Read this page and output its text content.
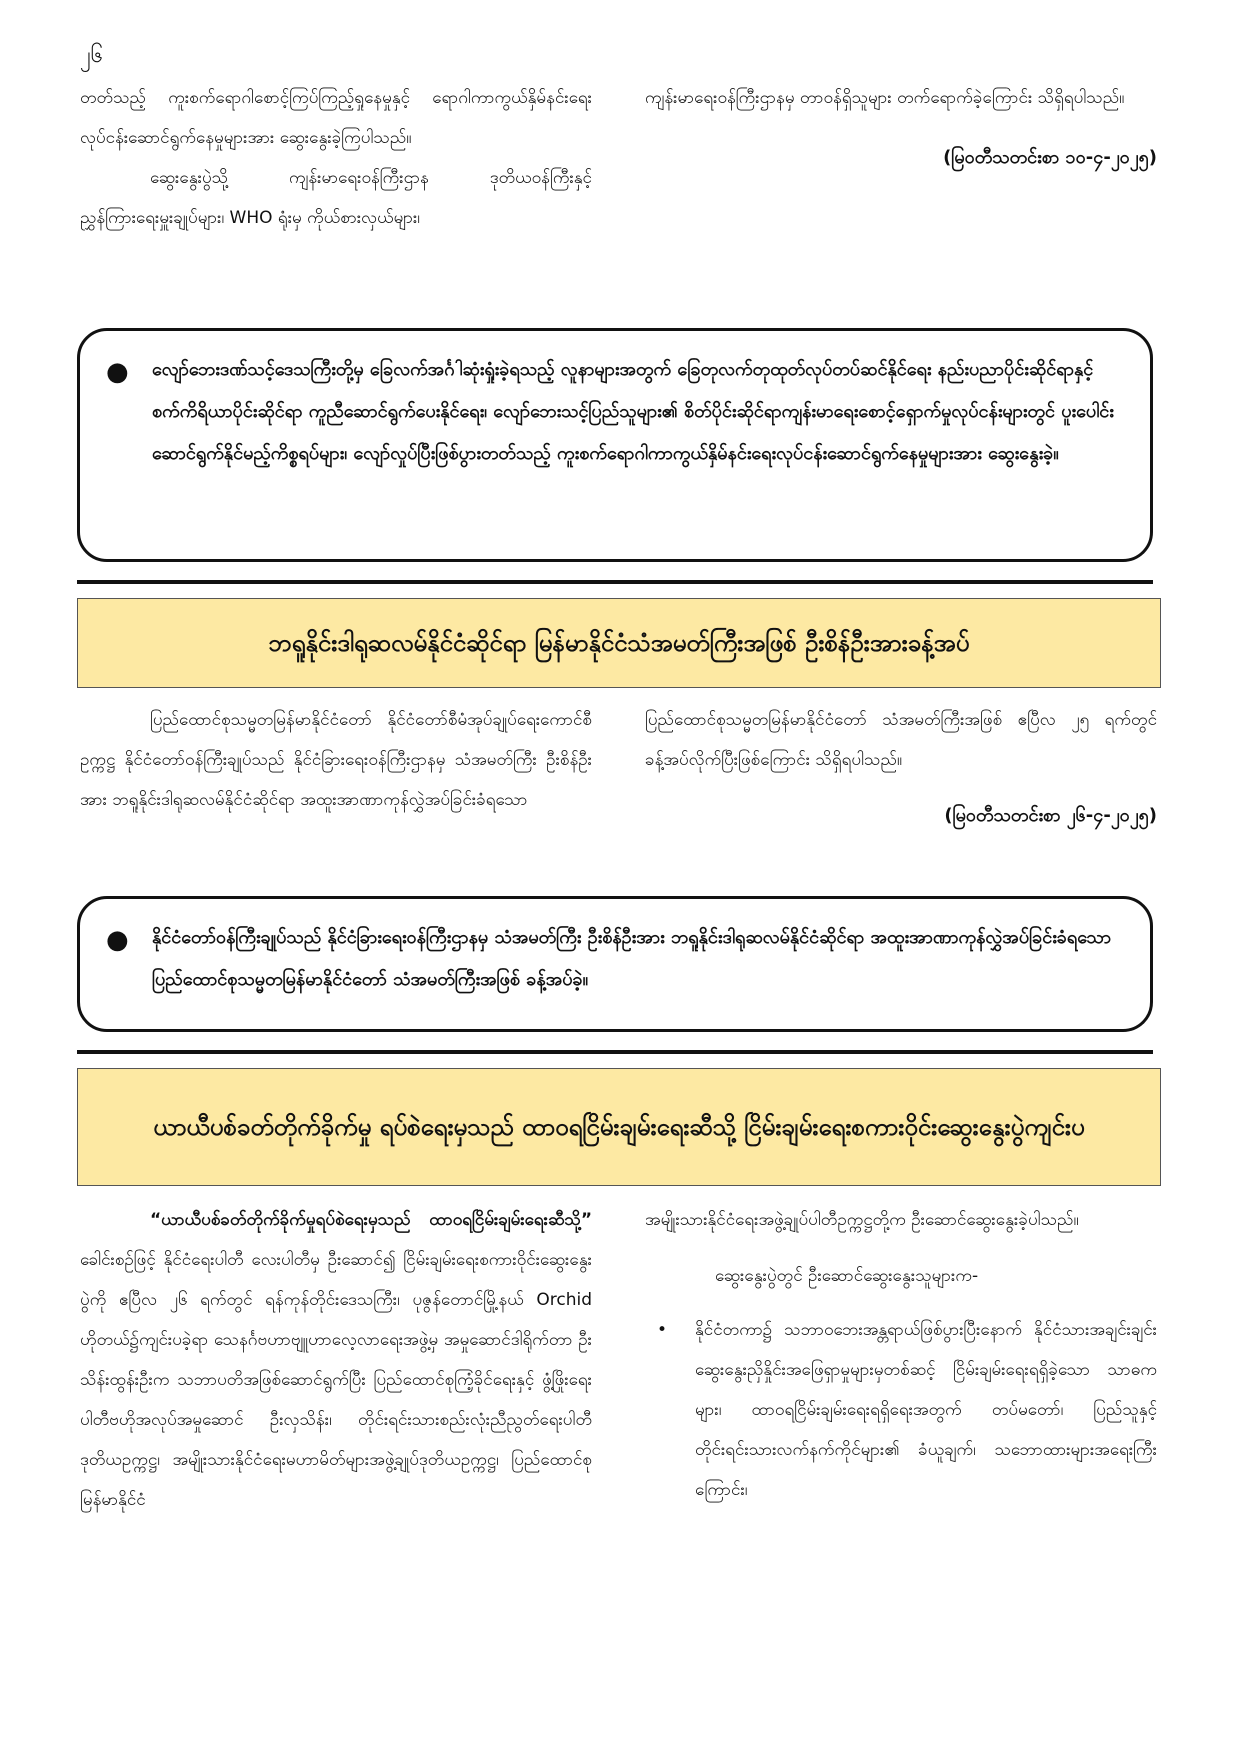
၂၆

တတ်သည့် ကူးစက်ရောဂါစောင့်ကြပ်ကြည့်ရှုနေမှုနှင့် ရောဂါကာကွယ်နှိမ်နင်းရေးလုပ်ငန်းဆောင်ရွက်နေမှုများအား ဆွေးနွေးခဲ့ကြပါသည်။

ဆွေးနွေးပွဲသို့ ကျန်းမာရေးဝန်ကြီးဌာန ဒုတိယဝန်ကြီးနှင့် ညွှန်ကြားရေးမှူးချုပ်များ၊ WHO ရုံးမှ ကိုယ်စားလှယ်များ၊

ကျန်းမာရေးဝန်ကြီးဌာနမှ တာဝန်ရှိသူများ တက်ရောက်ခဲ့ကြောင်း သိရှိရပါသည်။

(မြဝတီသတင်းစာ ၁၀-၄-၂၀၂၅)

● လျော်ဘေးဒဏ်သင့်ဒေသကြီးတို့မှ ခြေလက်အင်္ဂါဆုံးရှုံးခဲ့ရသည့် လူနာများအတွက် ခြေတုလက်တုထုတ်လုပ်တပ်ဆင်နိုင်ရေး နည်းပညာပိုင်းဆိုင်ရာနှင့် စက်ကိရိယာပိုင်းဆိုင်ရာ ကူညီဆောင်ရွက်ပေးနိုင်ရေး၊ လျော်ဘေးသင့်ပြည်သူများ၏ စိတ်ပိုင်းဆိုင်ရာကျန်းမာရေးစောင့်ရှောက်မှုလုပ်ငန်းများတွင် ပူးပေါင်းဆောင်ရွက်နိုင်မည့်ကိစ္စရပ်များ၊ လျော်လှုပ်ပြီးဖြစ်ပွားတတ်သည့် ကူးစက်ရောဂါကာကွယ်နှိမ်နင်းရေးလုပ်ငန်းဆောင်ရွက်နေမှုများအား ဆွေးနွေးခဲ့။
ဘရူနိုင်းဒါရုဆလမ်နိုင်ငံဆိုင်ရာ မြန်မာနိုင်ငံသံအမတ်ကြီးအဖြစ် ဦးစိန်ဦးအားခန့်အပ်

ပြည်ထောင်စုသမ္မတမြန်မာနိုင်ငံတော် နိုင်ငံတော်စီမံအုပ်ချုပ်ရေးကောင်စီဥက္ကဋ္ဌ နိုင်ငံတော်ဝန်ကြီးချုပ်သည် နိုင်ငံခြားရေးဝန်ကြီးဌာနမှ သံအမတ်ကြီး ဦးစိန်ဦးအား ဘရူနိုင်းဒါရုဆလမ်နိုင်ငံဆိုင်ရာ အထူးအာဏာကုန်လွှဲအပ်ခြင်းခံရသော

ပြည်ထောင်စုသမ္မတမြန်မာနိုင်ငံတော် သံအမတ်ကြီးအဖြစ် ဧပြီလ ၂၅ ရက်တွင် ခန့်အပ်လိုက်ပြီးဖြစ်ကြောင်း သိရှိရပါသည်။

(မြဝတီသတင်းစာ ၂၆-၄-၂၀၂၅)

● နိုင်ငံတော်ဝန်ကြီးချုပ်သည် နိုင်ငံခြားရေးဝန်ကြီးဌာနမှ သံအမတ်ကြီး ဦးစိန်ဦးအား ဘရူနိုင်းဒါရုဆလမ်နိုင်ငံဆိုင်ရာ အထူးအာဏာကုန်လွှဲအပ်ခြင်းခံရသော ပြည်ထောင်စုသမ္မတမြန်မာနိုင်ငံတော် သံအမတ်ကြီးအဖြစ် ခန့်အပ်ခဲ့။
ယာယီပစ်ခတ်တိုက်ခိုက်မှု ရပ်စဲရေးမှသည် ထာဝရငြိမ်းချမ်းရေးဆီသို့ ငြိမ်းချမ်းရေးစကားဝိုင်းဆွေးနွေးပွဲကျင်းပ

“ယာယီပစ်ခတ်တိုက်ခိုက်မှုရပ်စဲရေးမှသည် ထာဝရငြိမ်းချမ်းရေးဆီသို့” ခေါင်းစဉ်ဖြင့် နိုင်ငံရေးပါတီ လေးပါတီမှ ဦးဆောင်၍ ငြိမ်းချမ်းရေးစကားဝိုင်းဆွေးနွေးပွဲကို ဧပြီလ ၂၆ ရက်တွင် ရန်ကုန်တိုင်းဒေသကြီး၊ ပုဇွန်တောင်မြို့နယ် Orchid ဟိုတယ်၌ကျင်းပခဲ့ရာ သေနင်္ဂဗဟာဗျူဟာလေ့လာရေးအဖွဲ့မှ အမှုဆောင်ဒါရိုက်တာ ဦးသိန်းထွန်းဦးက သဘာပတိအဖြစ်ဆောင်ရွက်ပြီး ပြည်ထောင်စုကြံ့ခိုင်ရေးနှင့် ဖွံ့ဖြိုးရေးပါတီဗဟိုအလုပ်အမှုဆောင် ဦးလှသိန်း၊ တိုင်းရင်းသားစည်းလုံးညီညွတ်ရေးပါတီဒုတိယဥက္ကဋ္ဌ၊ အမျိုးသားနိုင်ငံရေးမဟာမိတ်များအဖွဲ့ချုပ်ဒုတိယဥက္ကဋ္ဌ၊ ပြည်ထောင်စုမြန်မာနိုင်ငံ

အမျိုးသားနိုင်ငံရေးအဖွဲ့ချုပ်ပါတီဥက္ကဋ္ဌတို့က ဦးဆောင်ဆွေးနွေးခဲ့ပါသည်။

ဆွေးနွေးပွဲတွင် ဦးဆောင်ဆွေးနွေးသူများက-

• နိုင်ငံတကာ၌ သဘာဝဘေးအန္တရာယ်ဖြစ်ပွားပြီးနောက် နိုင်ငံသားအချင်းချင်း ဆွေးနွေးညှိနှိုင်းအဖြေရှာမှုများမှတစ်ဆင့် ငြိမ်းချမ်းရေးရရှိခဲ့သော သာဓကများ၊ ထာဝရငြိမ်းချမ်းရေးရရှိရေးအတွက် တပ်မတော်၊ ပြည်သူနှင့် တိုင်းရင်းသားလက်နက်ကိုင်များ၏ ခံယူချက်၊ သဘောထားများအရေးကြီးကြောင်း၊
